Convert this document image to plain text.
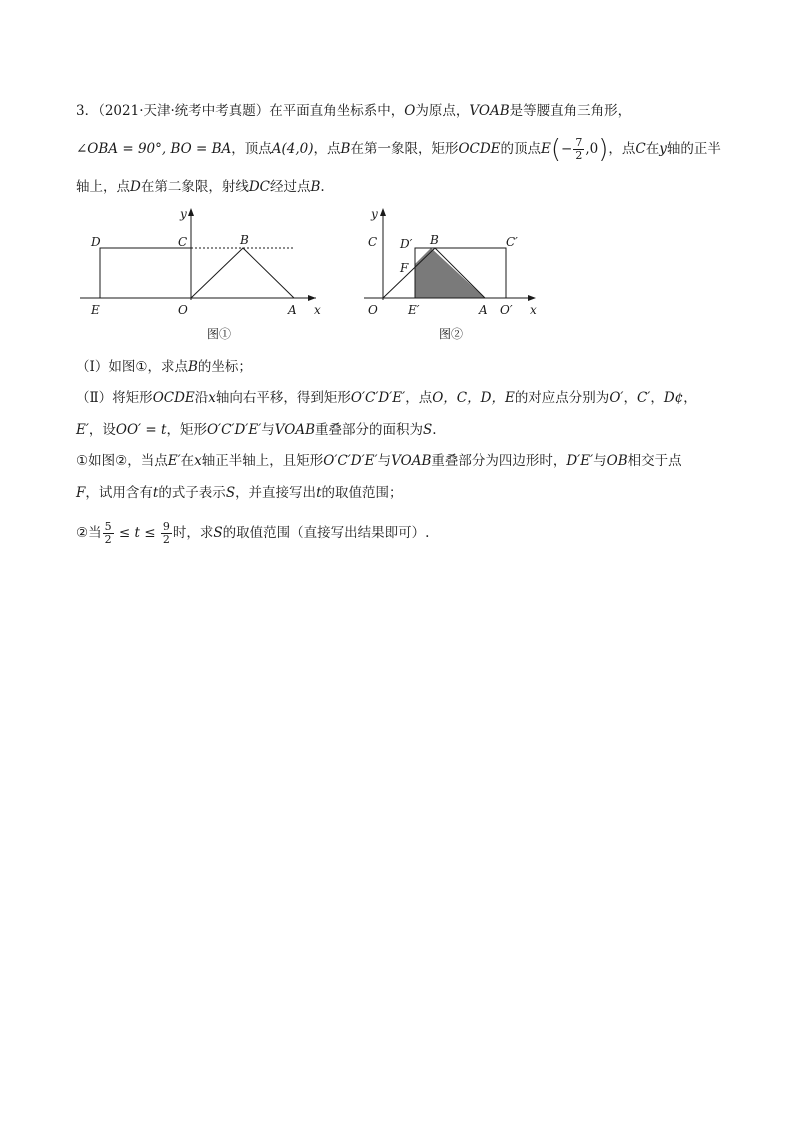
3．（2021·天津·统考中考真题）在平面直角坐标系中，O为原点，VOAB是等腰直角三角形，
∠OBA = 90°, BO = BA，顶点A(4,0)，点B在第一象限，矩形OCDE的顶点$E(- \frac{7}{2} ,0)$，点C在y轴的正半
轴上，点D在第二象限，射线DC经过点B.
y
D	C	B
E	O	A x
图①
y
C D′ B	C′
F
O	E′	A O′ x
图②
（Ⅰ）如图①，求点B的坐标；
（Ⅱ）将矩形OCDE沿x轴向右平移，得到矩形O′C′D′E′，点O，C，D，E的对应点分别为O′，C′，D¢，
E′，设OO′ = t，矩形O′C′D′E′与VOAB重叠部分的面积为S.
①如图②，当点E′在x轴正半轴上，且矩形O′C′D′E′与VOAB重叠部分为四边形时，D′E′与OB相交于点
F，试用含有t的式子表示S，并直接写出t的取值范围；
②当 $\frac{5}{2} \le t \le \frac{9}{2}$ 时，求S的取值范围（直接写出结果即可）.
